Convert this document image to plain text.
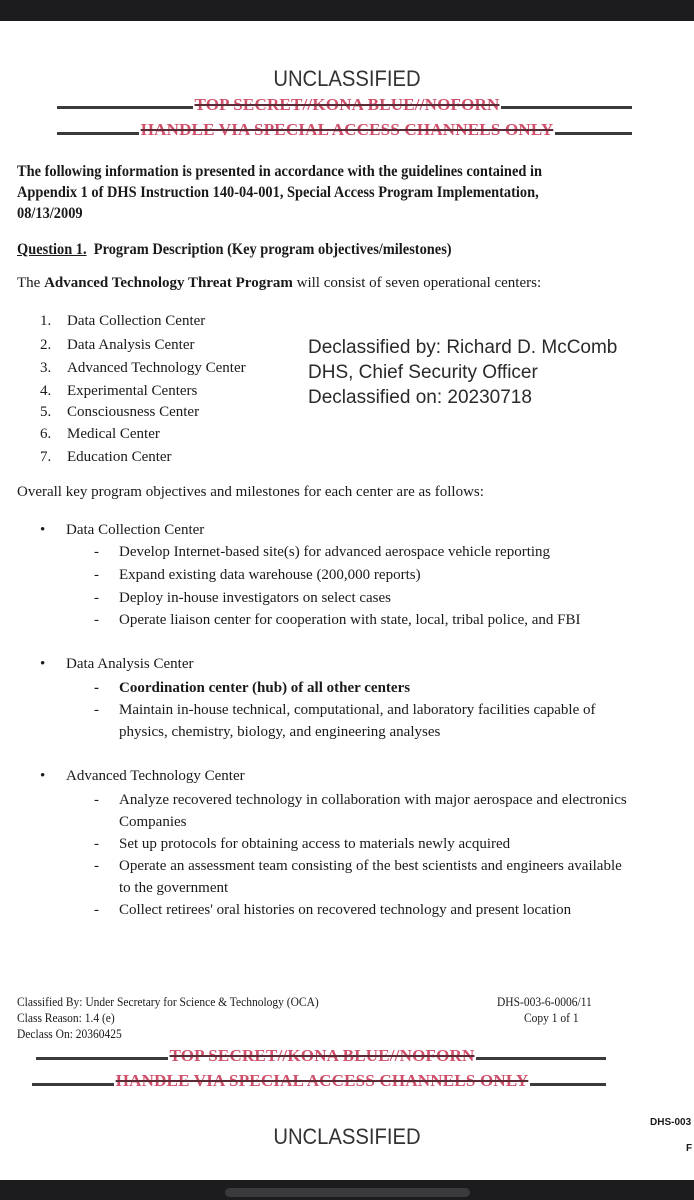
UNCLASSIFIED
TOP SECRET//KONA BLUE//NOFORN
HANDLE VIA SPECIAL ACCESS CHANNELS ONLY
The following information is presented in accordance with the guidelines contained in
Appendix 1 of DHS Instruction 140-04-001, Special Access Program Implementation,
08/13/2009
Question 1. Program Description (Key program objectives/milestones)
The Advanced Technology Threat Program will consist of seven operational centers:
1. Data Collection Center
2. Data Analysis Center
3. Advanced Technology Center
4. Experimental Centers
5. Consciousness Center
6. Medical Center
7. Education Center
Declassified by: Richard D. McComb
DHS, Chief Security Officer
Declassified on: 20230718
Overall key program objectives and milestones for each center are as follows:
• Data Collection Center
- Develop Internet-based site(s) for advanced aerospace vehicle reporting
- Expand existing data warehouse (200,000 reports)
- Deploy in-house investigators on select cases
- Operate liaison center for cooperation with state, local, tribal police, and FBI
• Data Analysis Center
- Coordination center (hub) of all other centers
- Maintain in-house technical, computational, and laboratory facilities capable of
physics, chemistry, biology, and engineering analyses
• Advanced Technology Center
- Analyze recovered technology in collaboration with major aerospace and electronics
Companies
- Set up protocols for obtaining access to materials newly acquired
- Operate an assessment team consisting of the best scientists and engineers available
to the government
- Collect retirees' oral histories on recovered technology and present location
Classified By: Under Secretary for Science & Technology (OCA)
Class Reason: 1.4 (e)
Declass On: 20360425
DHS-003-6-0006/11
Copy 1 of 1
TOP SECRET//KONA BLUE//NOFORN
HANDLE VIA SPECIAL ACCESS CHANNELS ONLY
DHS-003
F
UNCLASSIFIED
